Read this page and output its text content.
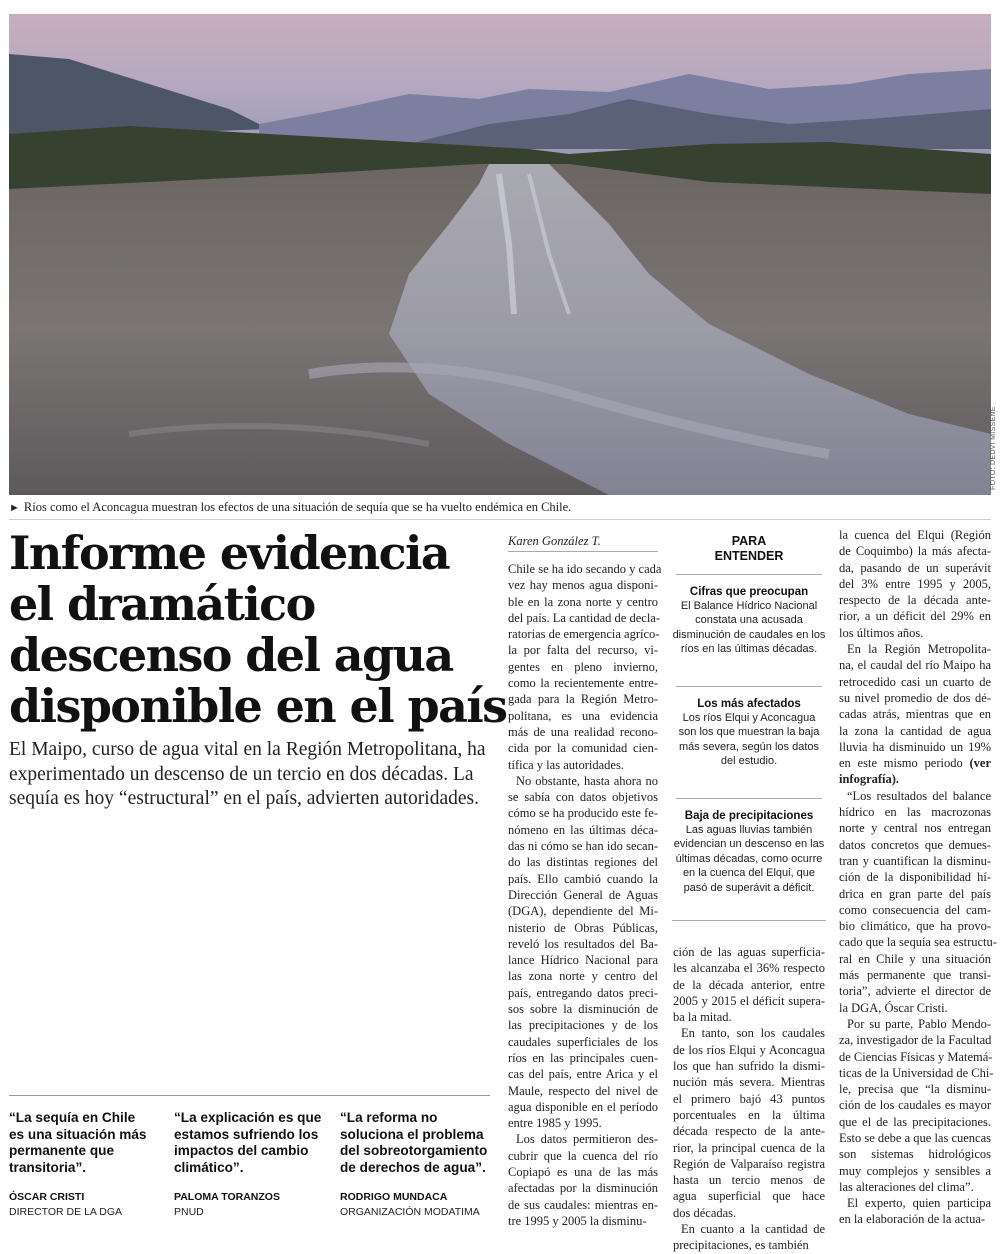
FOTO: DEDVI MISSENE
► Ríos como el Aconcagua muestran los efectos de una situación de sequía que se ha vuelto endémica en Chile.
Informe evidencia
el dramático
descenso del agua
disponible en el país

El Maipo, curso de agua vital en la Región Metropolitana, ha
experimentado un descenso de un tercio en dos décadas. La
sequía es hoy “estructural” en el país, advierten autoridades.

“La sequía en Chile
es una situación más
permanente que
transitoria”.
ÓSCAR CRISTI
DIRECTOR DE LA DGA
“La explicación es que
estamos sufriendo los
impactos del cambio
climático”.
PALOMA TORANZOS
PNUD
“La reforma no
soluciona el problema
del sobreotorgamiento
de derechos de agua”.
RODRIGO MUNDACA
ORGANIZACIÓN MODATIMA
Karen González T.
Chile se ha ido secando y cada
vez hay menos agua disponi-
ble en la zona norte y centro
del país. La cantidad de decla-
ratorias de emergencia agríco-
la por falta del recurso, vi-
gentes en pleno invierno,
como la recientemente entre-
gada para la Región Metro-
politana, es una evidencia
más de una realidad recono-
cida por la comunidad cien-
tífica y las autoridades.
No obstante, hasta ahora no
se sabía con datos objetivos
cómo se ha producido este fe-
nómeno en las últimas déca-
das ni cómo se han ido secan-
do las distintas regiones del
país. Ello cambió cuando la
Dirección General de Aguas
(DGA), dependiente del Mi-
nisterio de Obras Públicas,
reveló los resultados del Ba-
lance Hídrico Nacional para
las zona norte y centro del
país, entregando datos preci-
sos sobre la disminución de
las precipitaciones y de los
caudales superficiales de los
ríos en las principales cuen-
cas del país, entre Arica y el
Maule, respecto del nivel de
agua disponible en el período
entre 1985 y 1995.
Los datos permitieron des-
cubrir que la cuenca del río
Copiapó es una de las más
afectadas por la disminución
de sus caudales: mientras en-
tre 1995 y 2005 la disminu-
PARA
ENTENDER
Cifras que preocupan
El Balance Hídrico Nacional
constata una acusada
disminución de caudales en los
ríos en las últimas décadas.
Los más afectados
Los ríos Elqui y Aconcagua
son los que muestran la baja
más severa, según los datos
del estudio.
Baja de precipitaciones
Las aguas lluvias también
evidencian un descenso en las
últimas décadas, como ocurre
en la cuenca del Elqui, que
pasó de superávit a déficit.
ción de las aguas superficia-
les alcanzaba el 36% respecto
de la década anterior, entre
2005 y 2015 el déficit supera-
ba la mitad.
En tanto, son los caudales
de los ríos Elqui y Aconcagua
los que han sufrido la dismi-
nución más severa. Mientras
el primero bajó 43 puntos
porcentuales en la última
década respecto de la ante-
rior, la principal cuenca de la
Región de Valparaíso registra
hasta un tercio menos de
agua superficial que hace
dos décadas.
En cuanto a la cantidad de
precipitaciones, es también
la cuenca del Elqui (Región
de Coquimbo) la más afecta-
da, pasando de un superávit
del 3% entre 1995 y 2005,
respecto de la década ante-
rior, a un déficit del 29% en
los últimos años.
En la Región Metropolita-
na, el caudal del río Maipo ha
retrocedido casi un cuarto de
su nivel promedio de dos dé-
cadas atrás, mientras que en
la zona la cantidad de agua
lluvia ha disminuido un 19%
en este mismo periodo (ver
infografía).
“Los resultados del balance
hídrico en las macrozonas
norte y central nos entregan
datos concretos que demues-
tran y cuantifican la disminu-
ción de la disponibilidad hí-
drica en gran parte del país
como consecuencia del cam-
bio climático, que ha provo-
cado que la sequía sea estructu-
ral en Chile y una situación
más permanente que transi-
toria”, advierte el director de
la DGA, Óscar Cristi.
Por su parte, Pablo Mendo-
za, investigador de la Facultad
de Ciencias Físicas y Matemá-
ticas de la Universidad de Chi-
le, precisa que “la disminu-
ción de los caudales es mayor
que el de las precipitaciones.
Esto se debe a que las cuencas
son sistemas hidrológicos
muy complejos y sensibles a
las alteraciones del clima”.
El experto, quien participa
en la elaboración de la actua-
